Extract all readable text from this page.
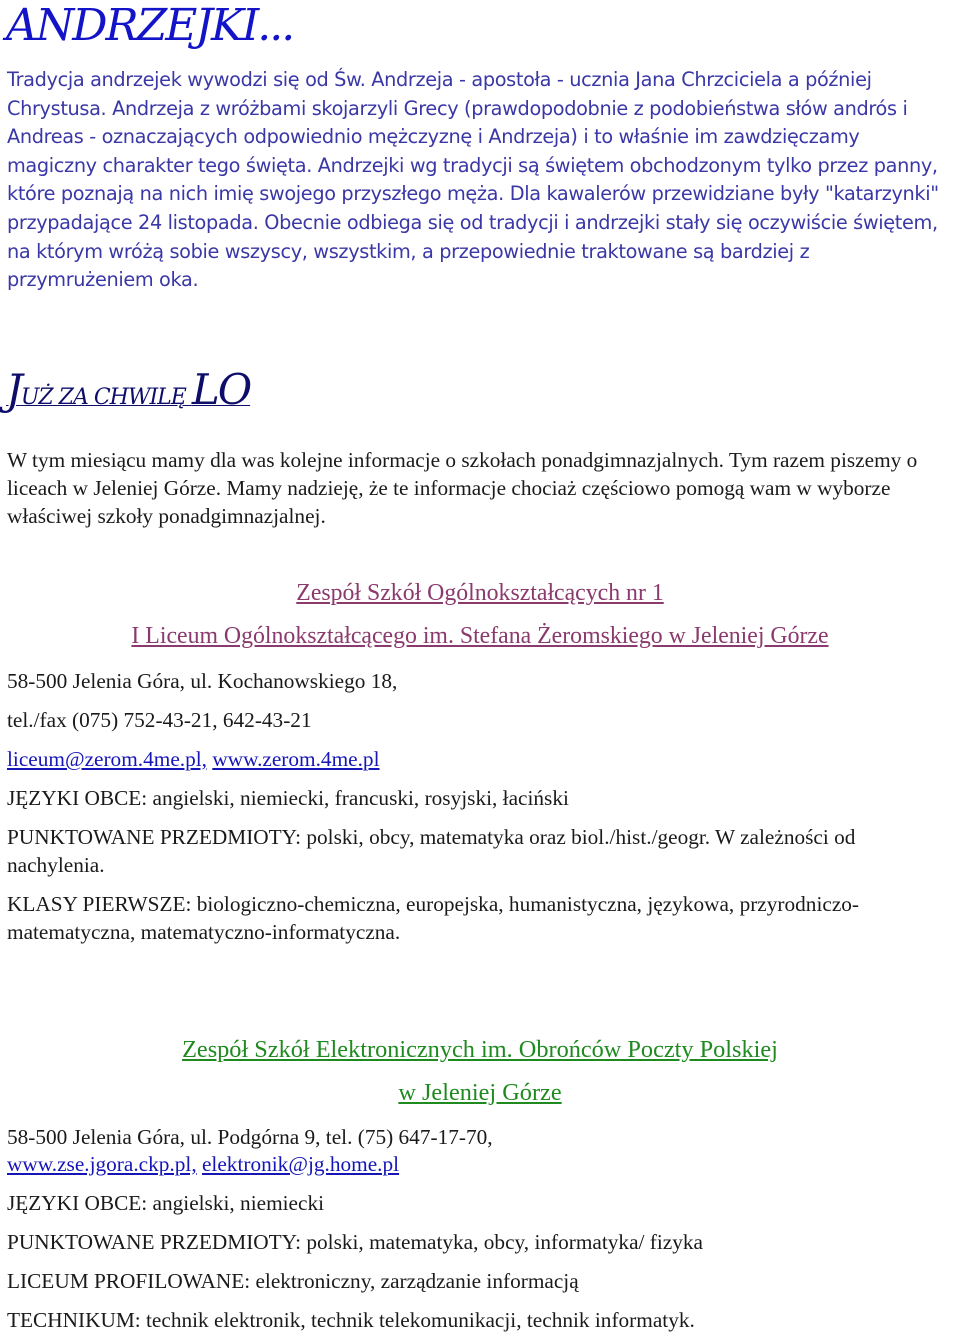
ANDRZEJKI...
Tradycja andrzejek wywodzi się od Św. Andrzeja - apostoła - ucznia Jana Chrzciciela a później Chrystusa. Andrzeja z wróżbami skojarzyli Grecy (prawdopodobnie z podobieństwa słów andrós i Andreas - oznaczających odpowiednio mężczyznę i Andrzeja) i to właśnie im zawdzięczamy magiczny charakter tego święta. Andrzejki wg tradycji są świętem obchodzonym tylko przez panny, które poznają na nich imię swojego przyszłego męża. Dla kawalerów przewidziane były "katarzynki" przypadające 24 listopada. Obecnie odbiega się od tradycji i andrzejki stały się oczywiście świętem, na którym wróżą sobie wszyscy, wszystkim, a przepowiednie traktowane są bardziej z przymrużeniem oka.
JUŻ ZA CHWILĘ LO
W tym miesiącu mamy dla was kolejne informacje o szkołach ponadgimnazjalnych. Tym razem piszemy o liceach w Jeleniej Górze. Mamy nadzieję, że te informacje chociaż częściowo pomogą wam w wyborze właściwej szkoły ponadgimnazjalnej.
Zespół Szkół Ogólnokształcących nr 1
I Liceum Ogólnokształcącego im. Stefana Żeromskiego w Jeleniej Górze
58-500 Jelenia Góra, ul. Kochanowskiego 18,
tel./fax (075) 752-43-21, 642-43-21
liceum@zerom.4me.pl, www.zerom.4me.pl
JĘZYKI OBCE: angielski, niemiecki, francuski, rosyjski, łaciński
PUNKTOWANE PRZEDMIOTY: polski, obcy, matematyka oraz biol./hist./geogr. W zależności od nachylenia.
KLASY PIERWSZE: biologiczno-chemiczna, europejska, humanistyczna, językowa, przyrodniczo-matematyczna, matematyczno-informatyczna.
Zespół Szkół Elektronicznych im. Obrońców Poczty Polskiej
w Jeleniej Górze
58-500 Jelenia Góra, ul. Podgórna 9, tel. (75) 647-17-70,
www.zse.jgora.ckp.pl, elektronik@jg.home.pl
JĘZYKI OBCE: angielski, niemiecki
PUNKTOWANE PRZEDMIOTY: polski, matematyka, obcy, informatyka/ fizyka
LICEUM PROFILOWANE: elektroniczny, zarządzanie informacją
TECHNIKUM: technik elektronik, technik telekomunikacji, technik informatyk.
